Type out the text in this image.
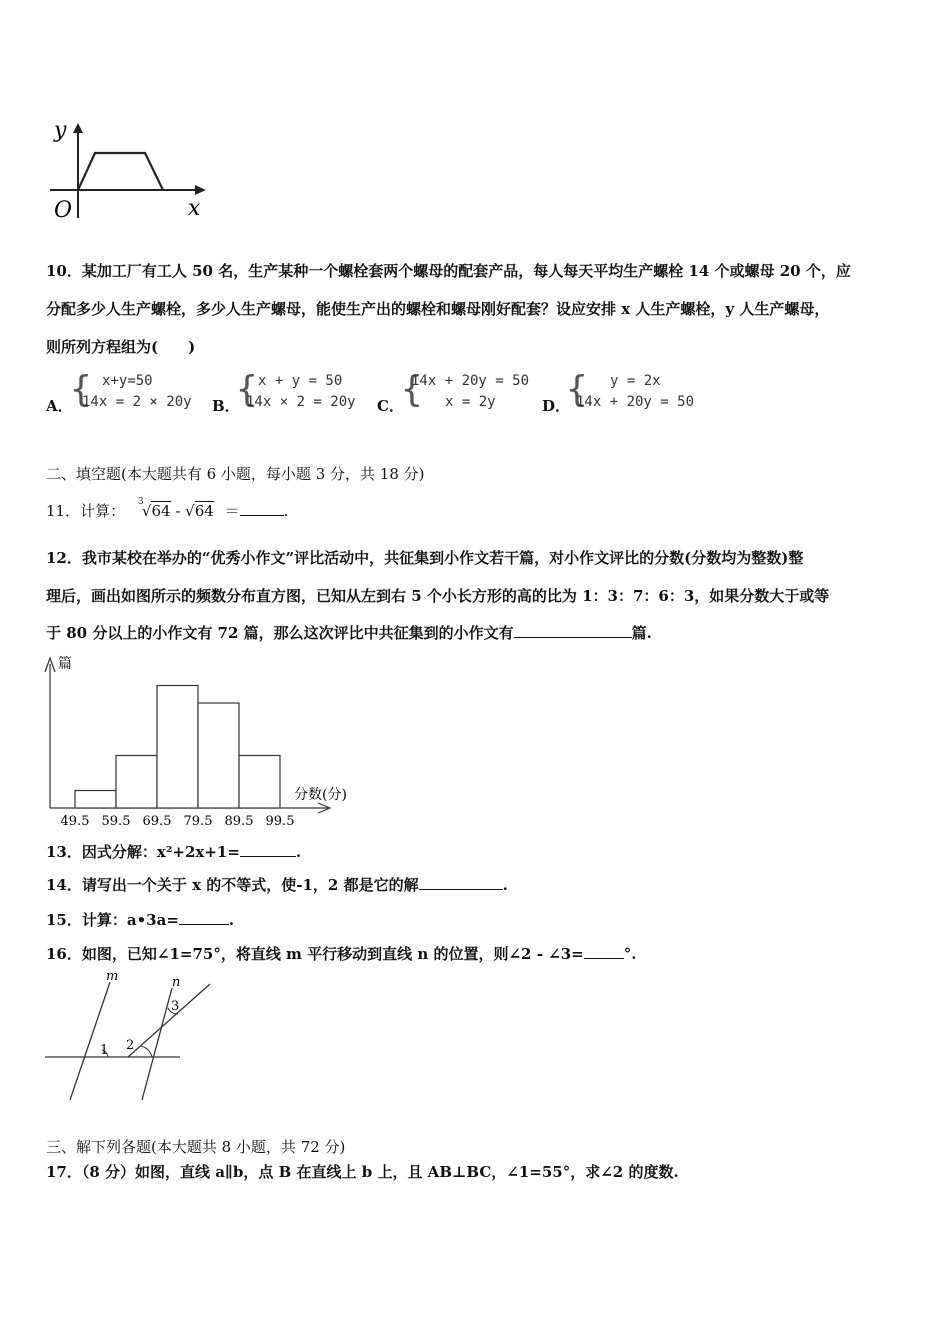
y
x
O
10．某加工厂有工人 50 名，生产某种一个螺栓套两个螺母的配套产品，每人每天平均生产螺栓 14 个或螺母 20 个，应
分配多少人生产螺栓，多少人生产螺母，能使生产出的螺栓和螺母刚好配套？设应安排 x 人生产螺栓，y 人生产螺母，
则所列方程组为(　　)
A．
{ x+y=50
14x = 2 × 20y B．
{ x + y = 50
14x × 2 = 20y C．
{
14x + 20y = 50
x = 2y	D．
{ y = 2x
14x + 20y = 50
二、填空题(本大题共有 6 小题，每小题 3 分，共 18 分)
11．计算： 3
√64 - √64 ＝	.
12．我市某校在举办的“优秀小作文”评比活动中，共征集到小作文若干篇，对小作文评比的分数(分数均为整数)整
理后，画出如图所示的频数分布直方图，已知从左到右 5 个小长方形的高的比为 1：3：7：6：3，如果分数大于或等
于 80 分以上的小作文有 72 篇，那么这次评比中共征集到的小作文有	篇.
篇
分数(分)
49.5 59.5 69.5 79.5 89.5 99.5
13．因式分解：x²+2x+1=	.
14．请写出一个关于 x 的不等式，使-1，2 都是它的解	.
15．计算：a•3a=	.
16．如图，已知∠1=75°，将直线 m 平行移动到直线 n 的位置，则∠2 - ∠3=	°.
m	n
1 2
3
三、解下列各题(本大题共 8 小题，共 72 分)
17．（8 分）如图，直线 a∥b，点 B 在直线上 b 上，且 AB⊥BC，∠1=55°，求∠2 的度数.
